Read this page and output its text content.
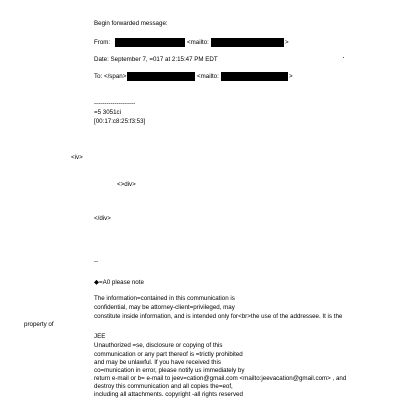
Begin forwarded message:

From:	<mailto:	>

Date: September 7, =017 at 2:15:47 PM EDT

To: </span>	<mailto:	>

--------------------

=5 3051ci

[00:17:c8:25:f3:53]

<iv>

<>div>

</div>

--

◆=A0 please note

The information=contained in this communication is

confidential, may be attorney-client=privileged, may

constitute inside information, and is intended only for<br>the use of the addressee. It is the

property of

JEE

Unauthorized =se, disclosure or copying of this

communication or any part thereof is =trictly prohibited

and may be unlawful. If you have received this

co=munication in error, please notify us immediately by

return e-mail or b= e-mail to jeev=cation@gmail.com <mailto:jeevacation@gmail.com> , and

destroy this communication and all copies the=eof,

including all attachments. copyright -all rights reserved
